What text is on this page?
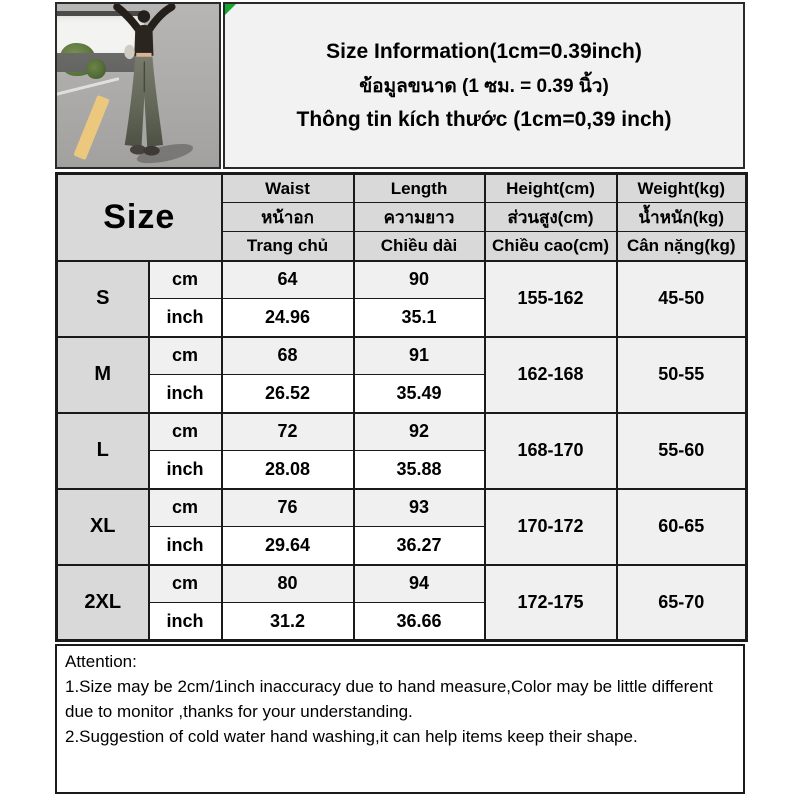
Size Information(1cm=0.39inch)
ข้อมูลขนาด (1 ซม. = 0.39 นิ้ว)
Thông tin kích thước (1cm=0,39 inch)
Size		Waist	Length	Height(cm)	Weight(kg)
		หน้าอก	ความยาว	ส่วนสูง(cm)	น้ำหนัก(kg)
		Trang chủ	Chiều dài	Chiều cao(cm)	Cân nặng(kg)
S	cm	64	90	155-162	45-50
	inch	24.96	35.1		
M	cm	68	91	162-168	50-55
	inch	26.52	35.49		
L	cm	72	92	168-170	55-60
	inch	28.08	35.88		
XL	cm	76	93	170-172	60-65
	inch	29.64	36.27		
2XL	cm	80	94	172-175	65-70
	inch	31.2	36.66		
Attention:
1.Size may be 2cm/1inch inaccuracy due to hand measure,Color may be little different due to monitor ,thanks for your understanding.
2.Suggestion of cold water hand washing,it can help items keep their shape.
